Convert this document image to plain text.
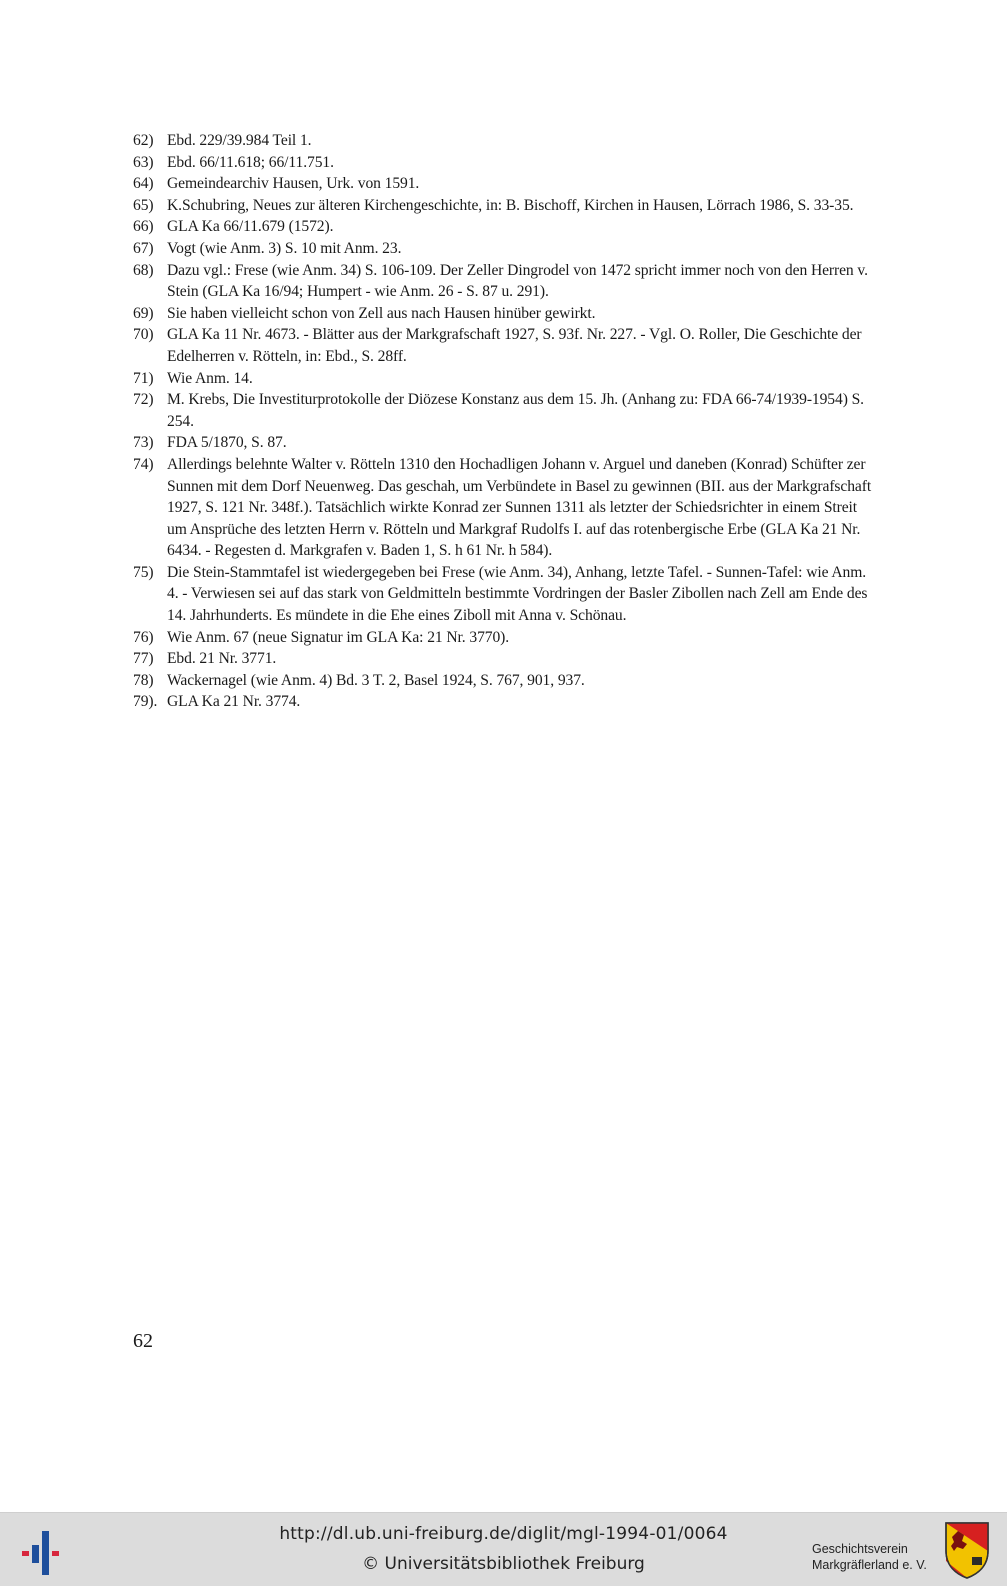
62) Ebd. 229/39.984 Teil 1.
63) Ebd. 66/11.618; 66/11.751.
64) Gemeindearchiv Hausen, Urk. von 1591.
65) K.Schubring, Neues zur älteren Kirchengeschichte, in: B. Bischoff, Kirchen in Hausen, Lörrach 1986, S. 33-35.
66) GLA Ka 66/11.679 (1572).
67) Vogt (wie Anm. 3) S. 10 mit Anm. 23.
68) Dazu vgl.: Frese (wie Anm. 34) S. 106-109. Der Zeller Dingrodel von 1472 spricht immer noch von den Herren v. Stein (GLA Ka 16/94; Humpert - wie Anm. 26 - S. 87 u. 291).
69) Sie haben vielleicht schon von Zell aus nach Hausen hinüber gewirkt.
70) GLA Ka 11 Nr. 4673. - Blätter aus der Markgrafschaft 1927, S. 93f. Nr. 227. - Vgl. O. Roller, Die Geschichte der Edelherren v. Rötteln, in: Ebd., S. 28ff.
71) Wie Anm. 14.
72) M. Krebs, Die Investiturprotokolle der Diözese Konstanz aus dem 15. Jh. (Anhang zu: FDA 66-74/1939-1954) S. 254.
73) FDA 5/1870, S. 87.
74) Allerdings belehnte Walter v. Rötteln 1310 den Hochadligen Johann v. Arguel und daneben (Konrad) Schüfter zer Sunnen mit dem Dorf Neuenweg. Das geschah, um Verbündete in Basel zu gewinnen (BII. aus der Markgrafschaft 1927, S. 121 Nr. 348f.). Tatsächlich wirkte Konrad zer Sunnen 1311 als letzter der Schiedsrichter in einem Streit um Ansprüche des letzten Herrn v. Rötteln und Markgraf Rudolfs I. auf das rotenbergische Erbe (GLA Ka 21 Nr. 6434. - Regesten d. Markgrafen v. Baden 1, S. h 61 Nr. h 584).
75) Die Stein-Stammtafel ist wiedergegeben bei Frese (wie Anm. 34), Anhang, letzte Tafel. - Sunnen-Tafel: wie Anm. 4. - Verwiesen sei auf das stark von Geldmitteln bestimmte Vordringen der Basler Zibollen nach Zell am Ende des 14. Jahrhunderts. Es mündete in die Ehe eines Ziboll mit Anna v. Schönau.
76) Wie Anm. 67 (neue Signatur im GLA Ka: 21 Nr. 3770).
77) Ebd. 21 Nr. 3771.
78) Wackernagel (wie Anm. 4) Bd. 3 T. 2, Basel 1924, S. 767, 901, 937.
79). GLA Ka 21 Nr. 3774.
62
http://dl.ub.uni-freiburg.de/diglit/mgl-1994-01/0064
© Universitätsbibliothek Freiburg
Geschichtsverein
Markgräflerland e. V.
